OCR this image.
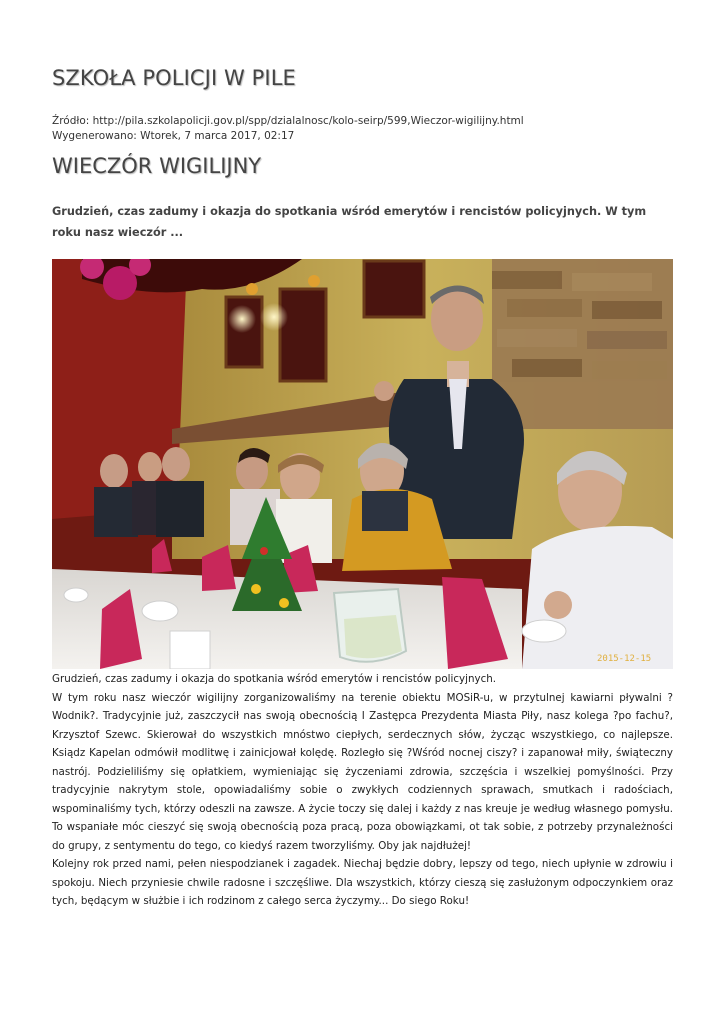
SZKOŁA POLICJI W PILE
Źródło: http://pila.szkolapolicji.gov.pl/spp/dzialalnosc/kolo-seirp/599,Wieczor-wigilijny.html
Wygenerowano: Wtorek, 7 marca 2017, 02:17
WIECZÓR WIGILIJNY
Grudzień, czas zadumy i okazja do spotkania wśród emerytów i rencistów policyjnych. W tym roku nasz wieczór ...
2015-12-15

Grudzień, czas zadumy i okazja do spotkania wśród emerytów i rencistów policyjnych.

W tym roku nasz wieczór wigilijny zorganizowaliśmy na terenie obiektu MOSiR-u, w przytulnej kawiarni pływalni ?Wodnik?. Tradycyjnie już, zaszczycił nas swoją obecnością I Zastępca Prezydenta Miasta Piły, nasz kolega ?po fachu?, Krzysztof Szewc. Skierował do wszystkich mnóstwo ciepłych, serdecznych słów, życząc wszystkiego, co najlepsze. Ksiądz Kapelan odmówił modlitwę i zainicjował kolędę. Rozległo się ?Wśród nocnej ciszy? i zapanował miły, świąteczny nastrój. Podzieliliśmy się opłatkiem, wymieniając się życzeniami zdrowia, szczęścia i wszelkiej pomyślności. Przy tradycyjnie nakrytym stole, opowiadaliśmy sobie o zwykłych codziennych sprawach, smutkach i radościach, wspominaliśmy tych, którzy odeszli na zawsze. A życie toczy się dalej i każdy z nas kreuje je według własnego pomysłu. To wspaniałe móc cieszyć się swoją obecnością poza pracą, poza obowiązkami, ot tak sobie, z potrzeby przynależności do grupy, z sentymentu do tego, co kiedyś razem tworzyliśmy. Oby jak najdłużej!

Kolejny rok przed nami, pełen niespodzianek i zagadek. Niechaj będzie dobry, lepszy od tego, niech upłynie w zdrowiu i spokoju. Niech przyniesie chwile radosne i szczęśliwe. Dla wszystkich, którzy cieszą się zasłużonym odpoczynkiem oraz tych, będącym w służbie i ich rodzinom z całego serca życzymy... Do siego Roku!
